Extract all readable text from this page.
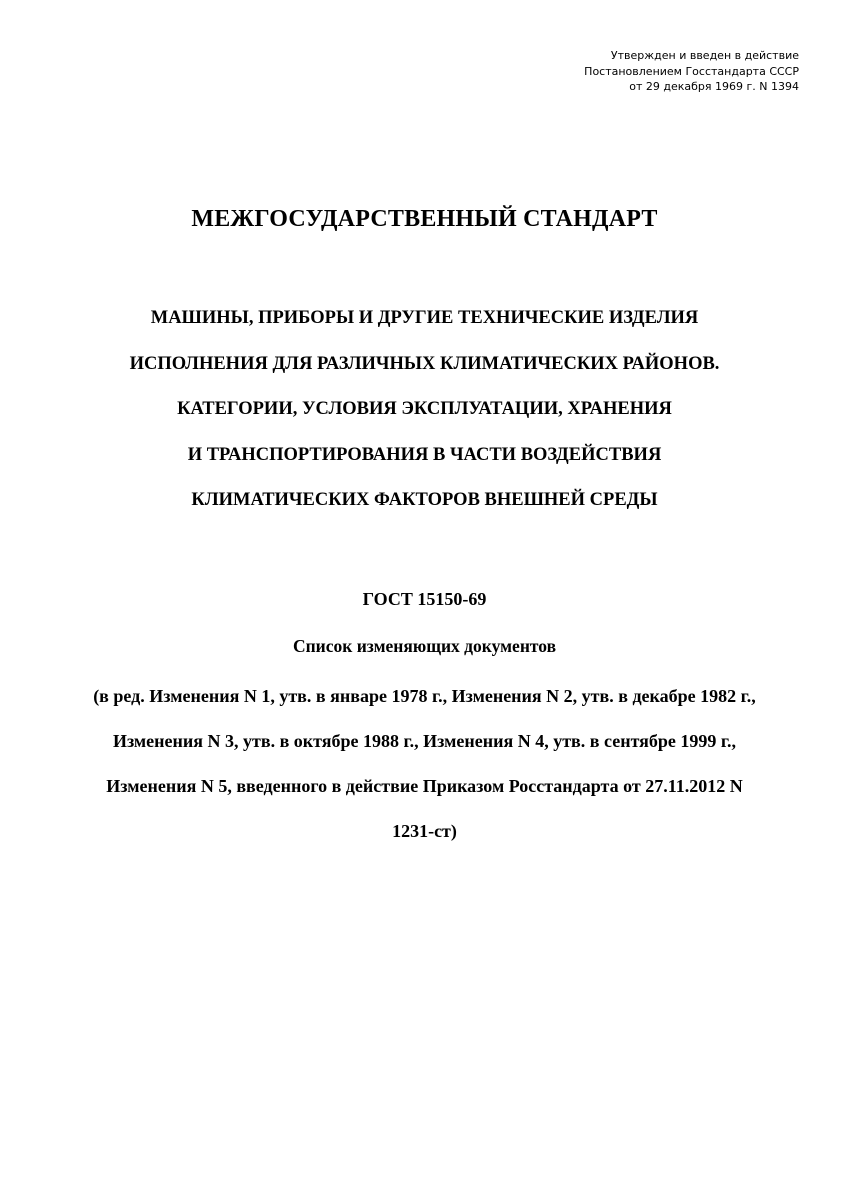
Утвержден и введен в действие
Постановлением Госстандарта СССР
от 29 декабря 1969 г. N 1394
МЕЖГОСУДАРСТВЕННЫЙ СТАНДАРТ
МАШИНЫ, ПРИБОРЫ И ДРУГИЕ ТЕХНИЧЕСКИЕ ИЗДЕЛИЯ
ИСПОЛНЕНИЯ ДЛЯ РАЗЛИЧНЫХ КЛИМАТИЧЕСКИХ РАЙОНОВ.
КАТЕГОРИИ, УСЛОВИЯ ЭКСПЛУАТАЦИИ, ХРАНЕНИЯ
И ТРАНСПОРТИРОВАНИЯ В ЧАСТИ ВОЗДЕЙСТВИЯ
КЛИМАТИЧЕСКИХ ФАКТОРОВ ВНЕШНЕЙ СРЕДЫ
ГОСТ 15150-69
Список изменяющих документов
(в ред. Изменения N 1, утв. в январе 1978 г., Изменения N 2, утв. в декабре 1982 г.,
Изменения N 3, утв. в октябре 1988 г., Изменения N 4, утв. в сентябре 1999 г.,
Изменения N 5, введенного в действие Приказом Росстандарта от 27.11.2012 N
1231-ст)
